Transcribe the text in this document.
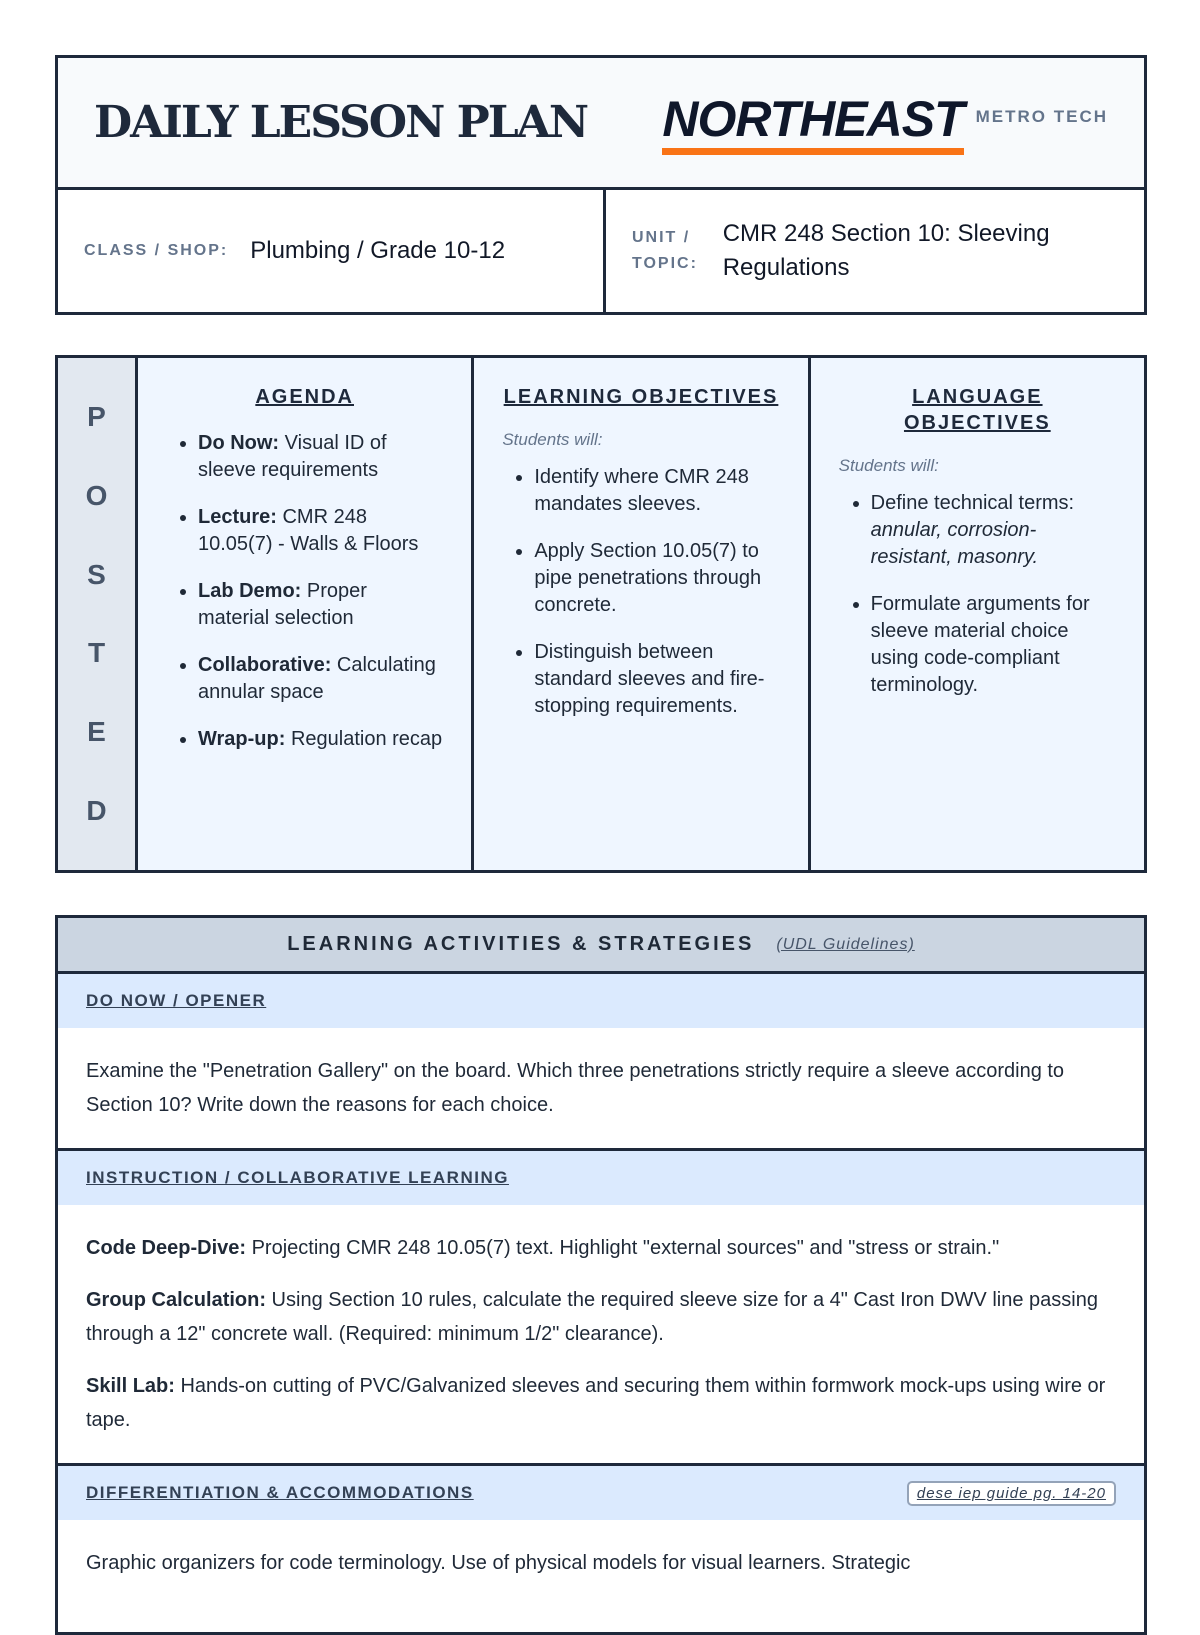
DAILY LESSON PLAN NORTHEAST METRO TECH
CLASS / SHOP: Plumbing / Grade 10-12	UNIT / TOPIC:
CMR 248 Section 10: Sleeving Regulations
P
O
S
T
E
D
AGENDA
• Do Now: Visual ID of sleeve requirements
• Lecture: CMR 248 10.05(7) - Walls & Floors
• Lab Demo: Proper material selection
• Collaborative: Calculating annular space
• Wrap-up: Regulation recap
LEARNING OBJECTIVES
Students will:
• Identify where CMR 248 mandates sleeves.
• Apply Section 10.05(7) to pipe penetrations through concrete.
• Distinguish between standard sleeves and fire-stopping requirements.
LANGUAGE OBJECTIVES
Students will:
• Define technical terms: annular, corrosion-resistant, masonry.
• Formulate arguments for sleeve material choice using code-compliant terminology.
LEARNING ACTIVITIES & STRATEGIES (UDL Guidelines)
DO NOW / OPENER

Examine the "Penetration Gallery" on the board. Which three penetrations strictly require a sleeve according to Section 10? Write down the reasons for each choice.

INSTRUCTION / COLLABORATIVE LEARNING

Code Deep-Dive: Projecting CMR 248 10.05(7) text. Highlight "external sources" and "stress or strain."

Group Calculation: Using Section 10 rules, calculate the required sleeve size for a 4" Cast Iron DWV line passing through a 12" concrete wall. (Required: minimum 1/2" clearance).

Skill Lab: Hands-on cutting of PVC/Galvanized sleeves and securing them within formwork mock-ups using wire or tape.

DIFFERENTIATION & ACCOMMODATIONS	dese iep guide pg. 14-20

Graphic organizers for code terminology. Use of physical models for visual learners. Strategic
